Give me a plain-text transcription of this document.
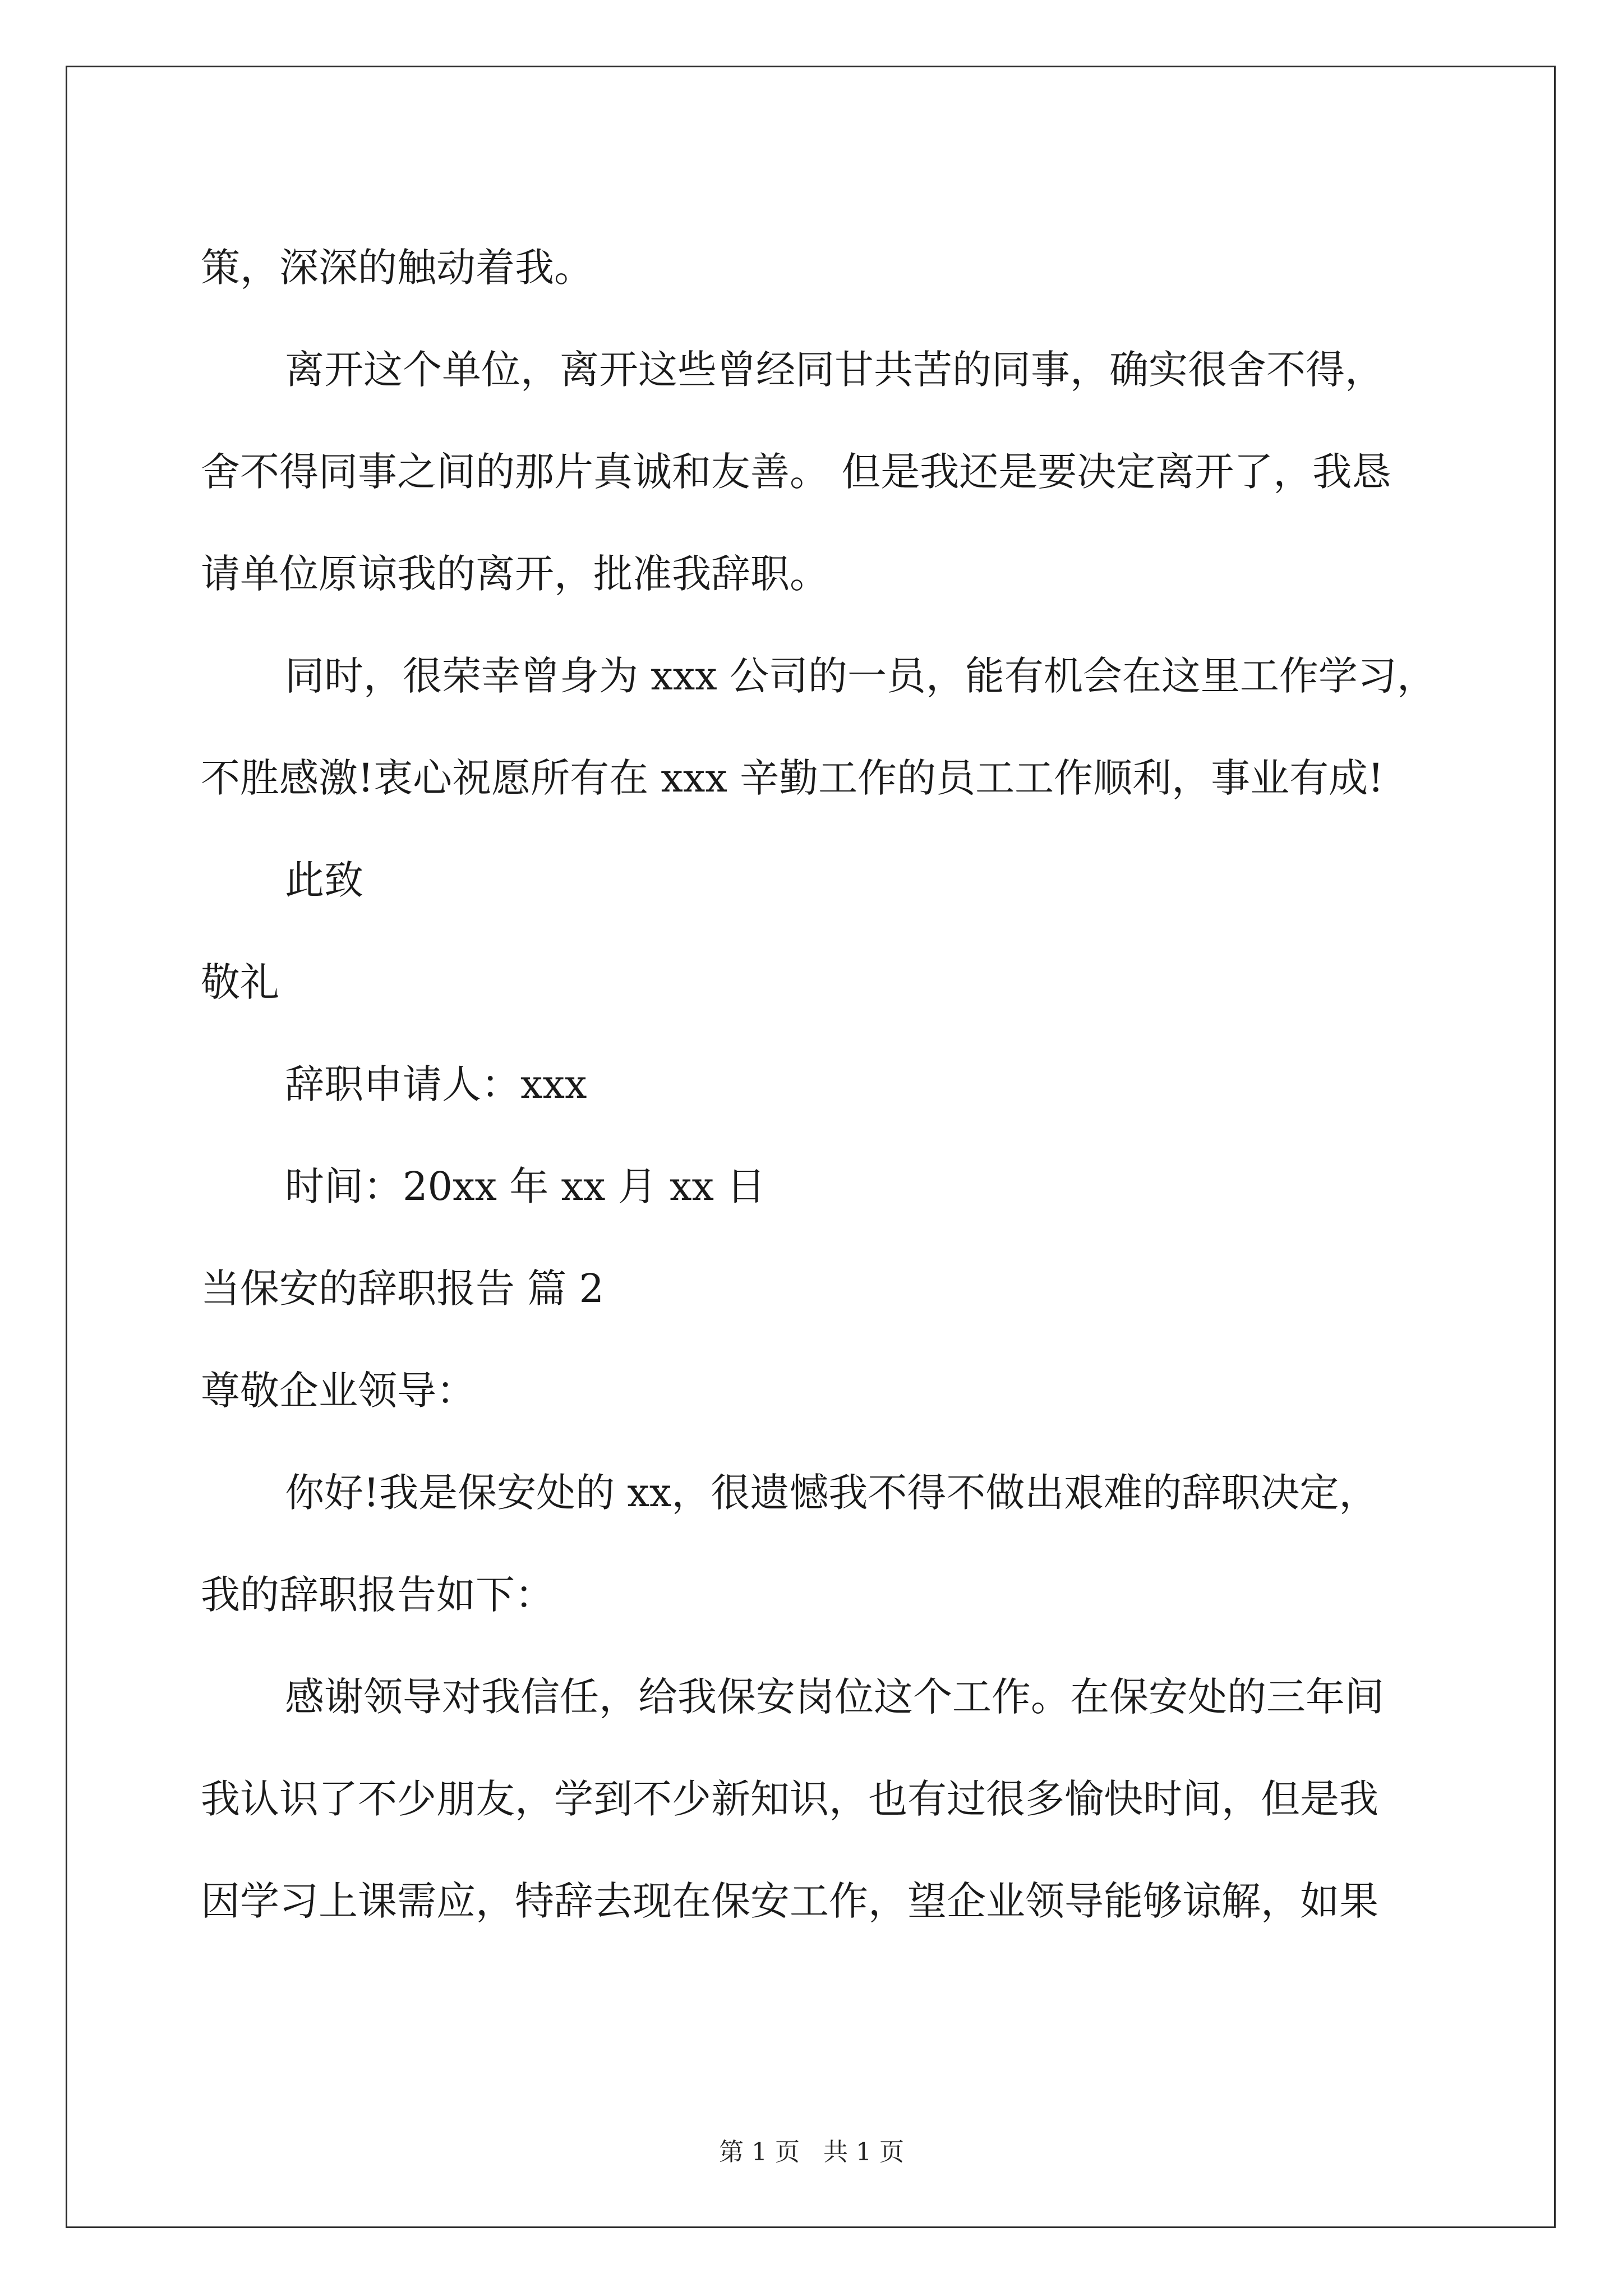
策，深深的触动着我。

离开这个单位，离开这些曾经同甘共苦的同事，确实很舍不得，

舍不得同事之间的那片真诚和友善。 但是我还是要决定离开了，我恳

请单位原谅我的离开，批准我辞职。

同时，很荣幸曾身为 xxx 公司的一员，能有机会在这里工作学习，

不胜感激!衷心祝愿所有在 xxx 辛勤工作的员工工作顺利，事业有成!

此致

敬礼

辞职申请人：xxx

时间：20xx 年 xx 月 xx 日

当保安的辞职报告 篇 2

尊敬企业领导：

你好!我是保安处的 xx，很遗憾我不得不做出艰难的辞职决定，

我的辞职报告如下：

感谢领导对我信任，给我保安岗位这个工作。在保安处的三年间

我认识了不少朋友，学到不少新知识，也有过很多愉快时间，但是我

因学习上课需应，特辞去现在保安工作，望企业领导能够谅解，如果

第 1 页 共 1 页
